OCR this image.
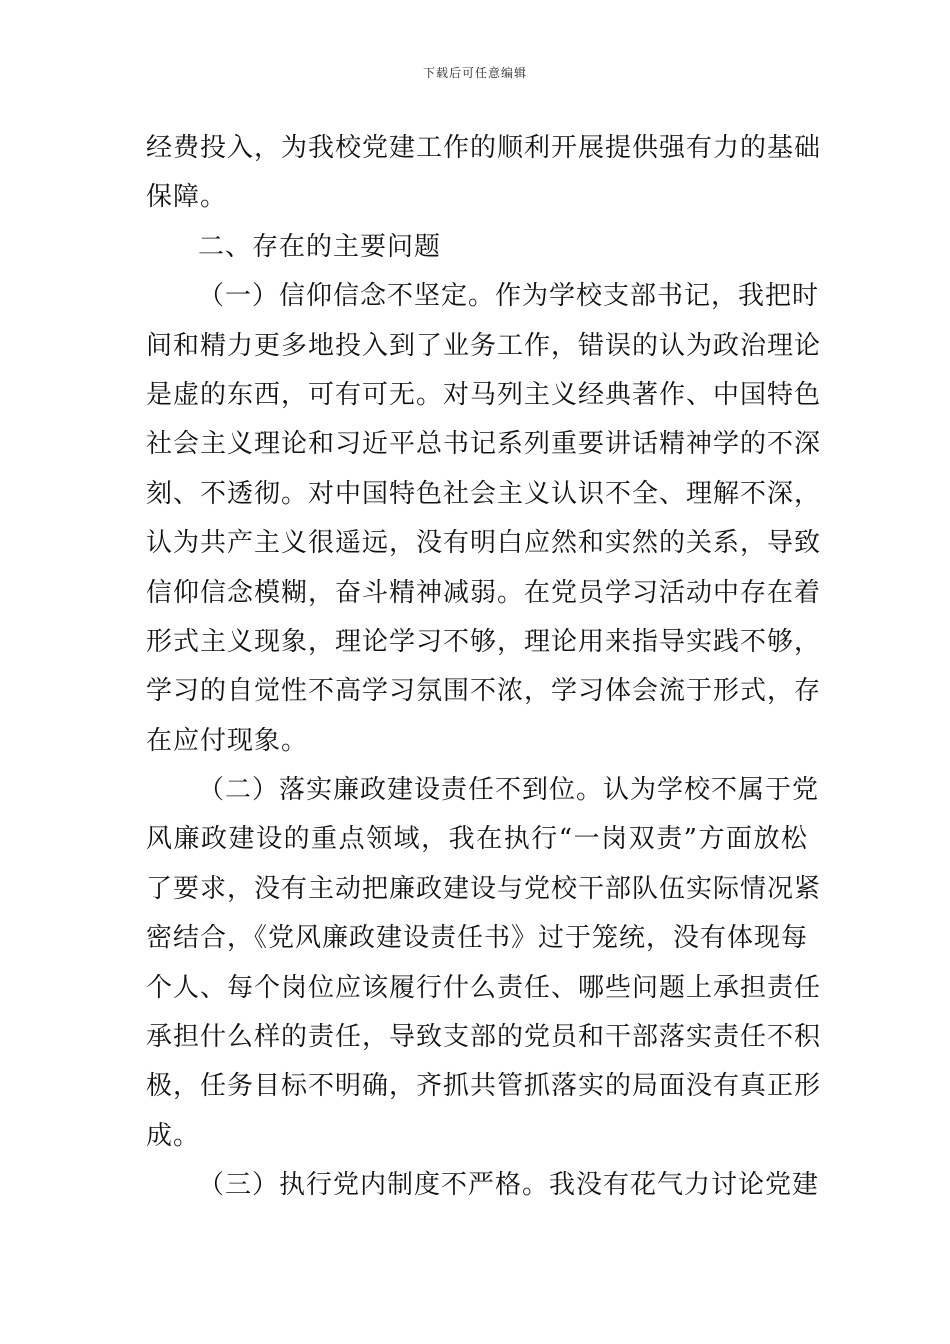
下载后可任意编辑
经费投入，为我校党建工作的顺利开展提供强有力的基础
保障。
二、存在的主要问题
（一）信仰信念不坚定。作为学校支部书记，我把时
间和精力更多地投入到了业务工作，错误的认为政治理论
是虚的东西，可有可无。对马列主义经典著作、中国特色
社会主义理论和习近平总书记系列重要讲话精神学的不深
刻、不透彻。对中国特色社会主义认识不全、理解不深，
认为共产主义很遥远，没有明白应然和实然的关系，导致
信仰信念模糊，奋斗精神减弱。在党员学习活动中存在着
形式主义现象，理论学习不够，理论用来指导实践不够，
学习的自觉性不高学习氛围不浓，学习体会流于形式，存
在应付现象。
（二）落实廉政建设责任不到位。认为学校不属于党
风廉政建设的重点领域，我在执行“一岗双责”方面放松
了要求，没有主动把廉政建设与党校干部队伍实际情况紧
密结合，《党风廉政建设责任书》过于笼统，没有体现每
个人、每个岗位应该履行什么责任、哪些问题上承担责任
承担什么样的责任，导致支部的党员和干部落实责任不积
极，任务目标不明确，齐抓共管抓落实的局面没有真正形
成。
（三）执行党内制度不严格。我没有花气力讨论党建
